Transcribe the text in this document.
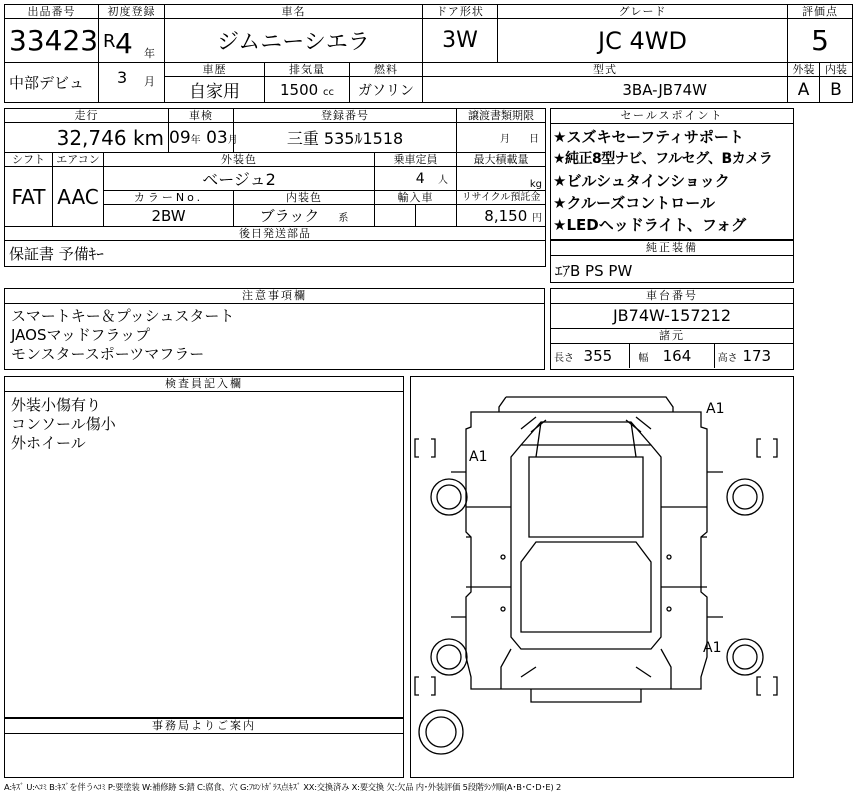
出品番号	初度登録	車名			ドア形状	グレード	評価点	
33423	R 4 年	ジムニーシエラ			3W	JC 4WD	5	
中部デビュ	3 月	車歴	排気量	燃料	型式		外装	内装
		自家用	1500 cc	ガソリン	3BA-JB74W		A	B
走行			車検	登録番号			譲渡書類期限
32,746 km			09年 03月	三重 535ﾙ1518			月 日
シフト	エアコン	外装色			乗車定員		最大積載量
FAT	AAC	ベージュ2			4 人		kg
		カラーNo.		内装色	輸入車		リサイクル預託金
		2BW		ブラック 系			8,150 円
後日発送部品							
保証書 予備ｷｰ							
セールスポイント
★スズキセーフティサポート
★純正8型ナビ、フルセグ、Bカメラ
★ビルシュタインショック
★クルーズコントロール
★LEDヘッドライト、フォグ
純正装備
ｴｱB PS PW
注意事項欄
スマートキー＆プッシュスタート
JAOSマッドフラップ
モンスタースポーツマフラー
車台番号
JB74W-157212
諸元
長さ 355	幅 164	高さ 173
検査員記入欄
外装小傷有り
コンソール傷小
外ホイール
事務局よりご案内
A1
A1
A1
A:ｷｽﾞ U:ﾍｺﾐ B:ｷｽﾞを伴うﾍｺﾐ P:要塗装 W:補修跡 S:錆 C:腐食、穴 G:ﾌﾛﾝﾄｶﾞﾗｽ点ｷｽﾞ XX:交換済み X:要交換 欠:欠品 内･外装評価 5段階ﾗﾝｸ順(A･B･C･D･E) 2
